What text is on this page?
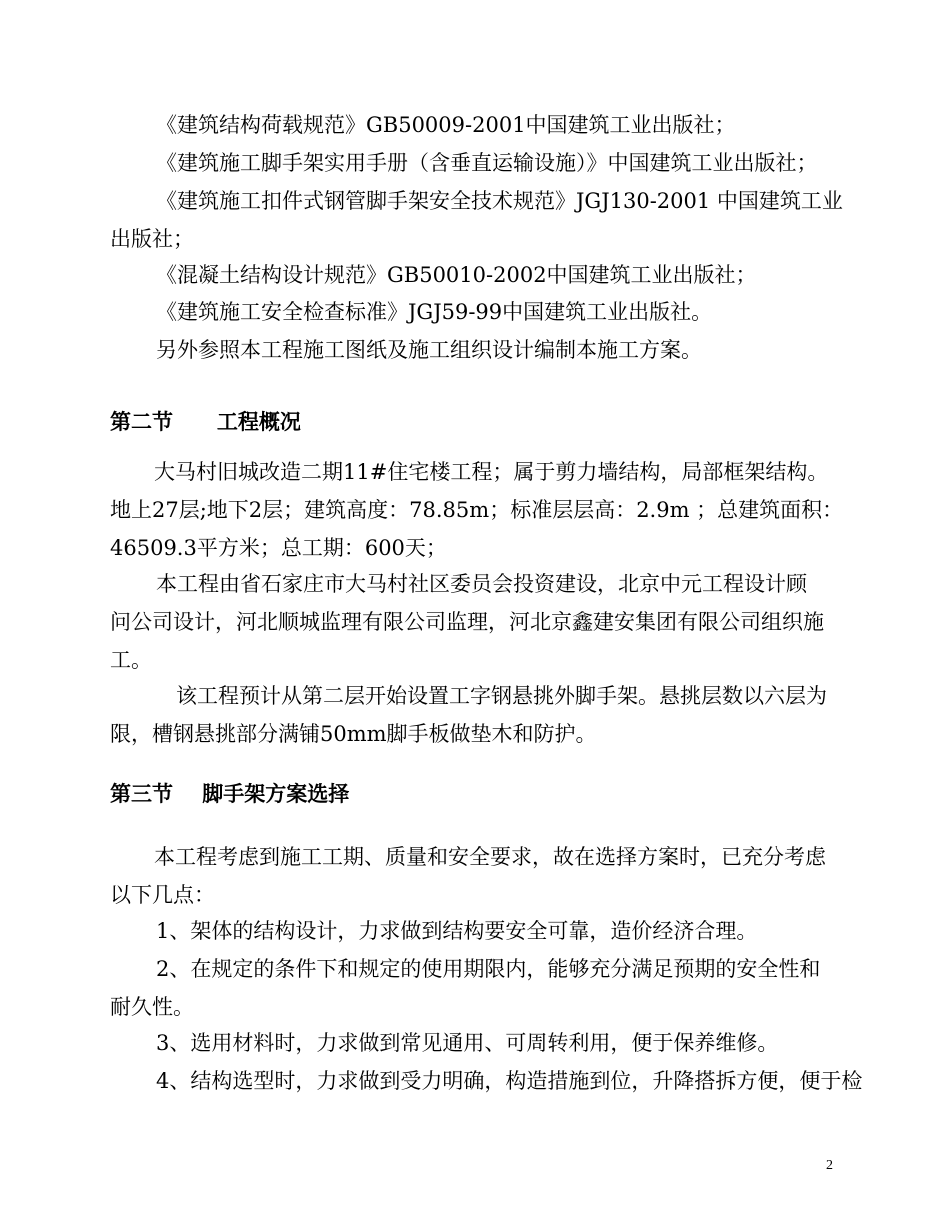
《建筑结构荷载规范》GB50009-2001中国建筑工业出版社；

《建筑施工脚手架实用手册（含垂直运输设施）》中国建筑工业出版社；

《建筑施工扣件式钢管脚手架安全技术规范》JGJ130-2001 中国建筑工业
出版社；

《混凝土结构设计规范》GB50010-2002中国建筑工业出版社；

《建筑施工安全检查标准》JGJ59-99中国建筑工业出版社。

另外参照本工程施工图纸及施工组织设计编制本施工方案。

第二节      工程概况

大马村旧城改造二期11#住宅楼工程；属于剪力墙结构，局部框架结构。
地上27层;地下2层；建筑高度：78.85m；标准层层高：2.9m ；总建筑面积：
46509.3平方米；总工期：600天；

本工程由省石家庄市大马村社区委员会投资建设，北京中元工程设计顾
问公司设计，河北顺城监理有限公司监理，河北京鑫建安集团有限公司组织施
工。

该工程预计从第二层开始设置工字钢悬挑外脚手架。悬挑层数以六层为
限，槽钢悬挑部分满铺50mm脚手板做垫木和防护。

第三节    脚手架方案选择

本工程考虑到施工工期、质量和安全要求，故在选择方案时，已充分考虑
以下几点：

1、架体的结构设计，力求做到结构要安全可靠，造价经济合理。

2、在规定的条件下和规定的使用期限内，能够充分满足预期的安全性和
耐久性。

3、选用材料时，力求做到常见通用、可周转利用，便于保养维修。

4、结构选型时，力求做到受力明确，构造措施到位，升降搭拆方便，便于检

2
